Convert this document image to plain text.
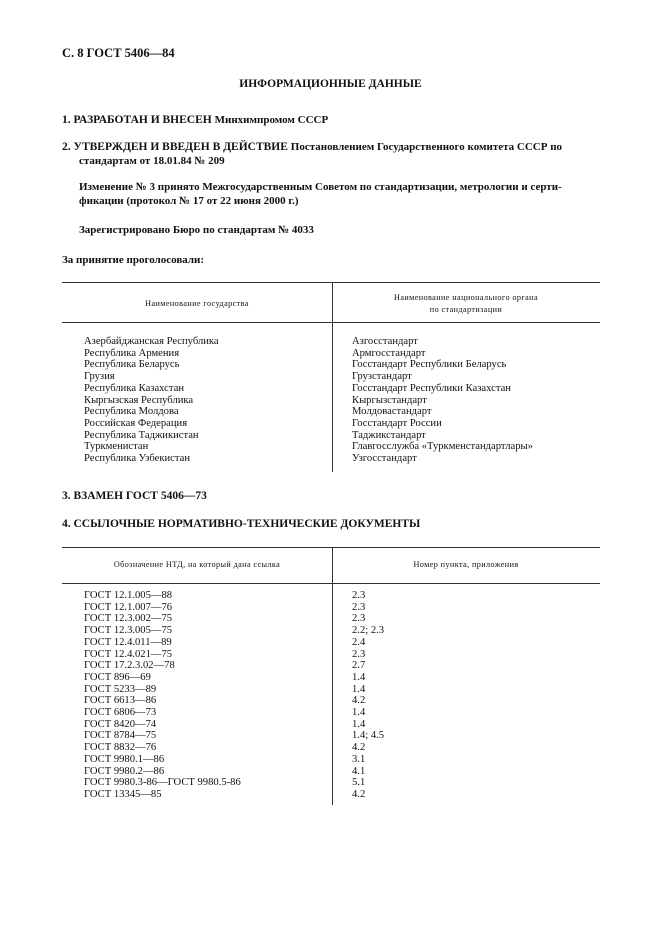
С. 8 ГОСТ 5406—84
ИНФОРМАЦИОННЫЕ ДАННЫЕ
1. РАЗРАБОТАН И ВНЕСЕН Минхимпромом СССР
2. УТВЕРЖДЕН И ВВЕДЕН В ДЕЙСТВИЕ Постановлением Государственного комитета СССР по
стандартам от 18.01.84 № 209
Изменение № 3 принято Межгосударственным Советом по стандартизации, метрологии и серти-
фикации (протокол № 17 от 22 июня 2000 г.)
Зарегистрировано Бюро по стандартам № 4033
За принятие проголосовали:
Наименование государства
Наименование национального органа
по стандартизации
Азербайджанская Республика
Республика Армения
Республика Беларусь
Грузия
Республика Казахстан
Кыргызская Республика
Республика Молдова
Российская Федерация
Республика Таджикистан
Туркменистан
Республика Узбекистан
Азгосстандарт
Армгосстандарт
Госстандарт Республики Беларусь
Грузстандарт
Госстандарт Республики Казахстан
Кыргызстандарт
Молдовастандарт
Госстандарт России
Таджикстандарт
Главгосслужба «Туркменстандартлары»
Узгосстандарт
3. ВЗАМЕН ГОСТ 5406—73
4. ССЫЛОЧНЫЕ НОРМАТИВНО-ТЕХНИЧЕСКИЕ ДОКУМЕНТЫ
Обозначение НТД, на который дана ссылка	Номер пункта, приложения
ГОСТ 12.1.005—88
ГОСТ 12.1.007—76
ГОСТ 12.3.002—75
ГОСТ 12.3.005—75
ГОСТ 12.4.011—89
ГОСТ 12.4.021—75
ГОСТ 17.2.3.02—78
ГОСТ 896—69
ГОСТ 5233—89
ГОСТ 6613—86
ГОСТ 6806—73
ГОСТ 8420—74
ГОСТ 8784—75
ГОСТ 8832—76
ГОСТ 9980.1—86
ГОСТ 9980.2—86
ГОСТ 9980.3-86—ГОСТ 9980.5-86
ГОСТ 13345—85
2.3
2.3
2.3
2.2; 2.3
2.4
2.3
2.7
1.4
1.4
4.2
1.4
1.4
1.4; 4.5
4.2
3.1
4.1
5.1
4.2
